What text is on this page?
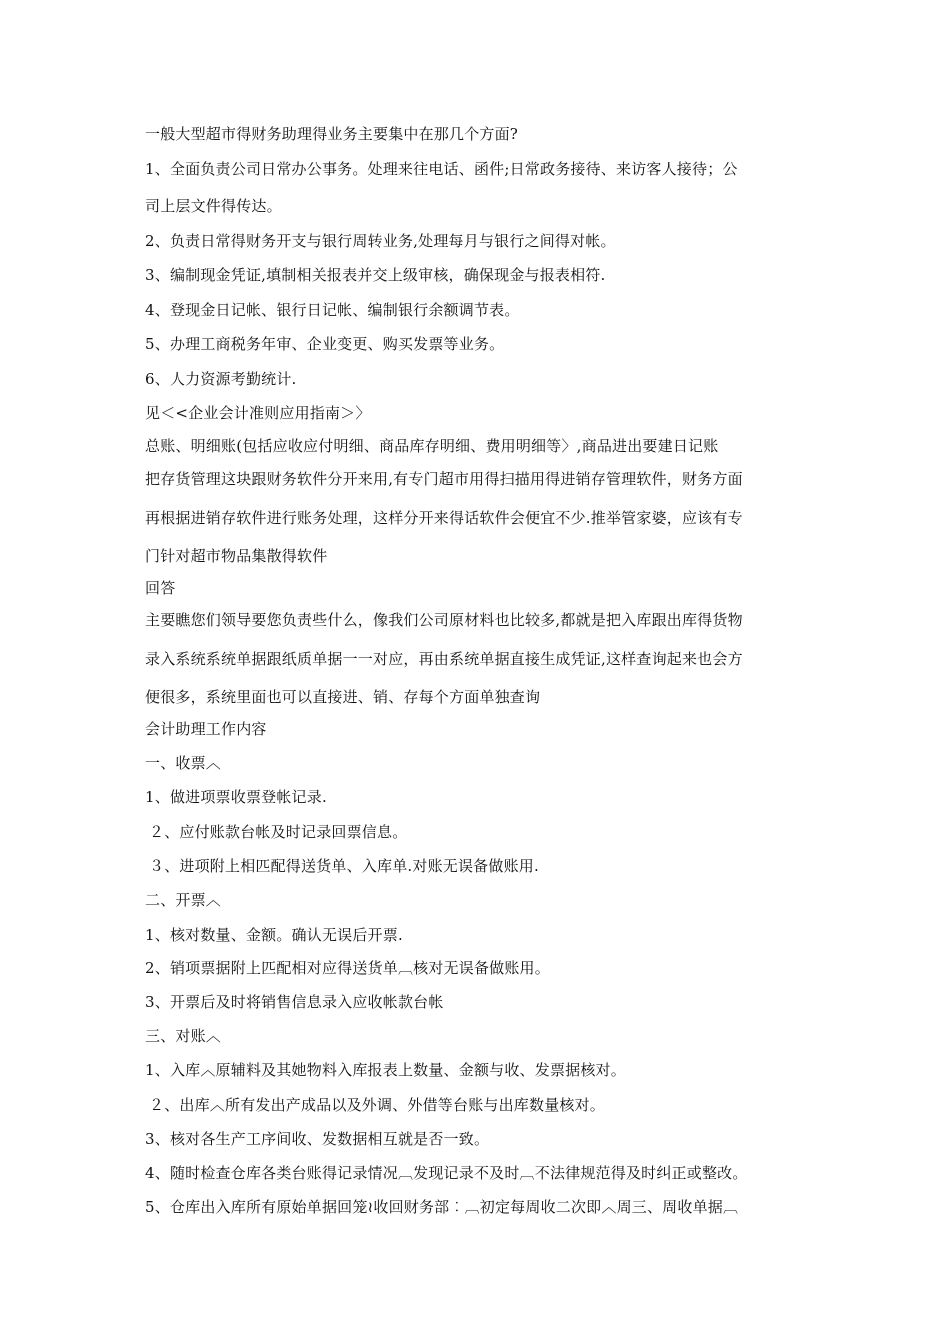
一般大型超市得财务助理得业务主要集中在那几个方面?
1、全面负责公司日常办公事务。处理来往电话、函件;日常政务接待、来访客人接待；公
司上层文件得传达。
2、负责日常得财务开支与银行周转业务,处理每月与银行之间得对帐。
3、编制现金凭证,填制相关报表并交上级审核，确保现金与报表相符.
4、登现金日记帐、银行日记帐、编制银行余额调节表。
5、办理工商税务年审、企业变更、购买发票等业务。
6、人力资源考勤统计.
见＜<企业会计准则应用指南＞〉
总账、明细账(包括应收应付明细、商品库存明细、费用明细等〉,商品进出要建日记账
把存货管理这块跟财务软件分开来用,有专门超市用得扫描用得进销存管理软件，财务方面
再根据进销存软件进行账务处理，这样分开来得话软件会便宜不少.推举管家婆，应该有专
门针对超市物品集散得软件
回答
主要瞧您们领导要您负责些什么，像我们公司原材料也比较多,都就是把入库跟出库得货物
录入系统系统单据跟纸质单据一一对应，再由系统单据直接生成凭证,这样查询起来也会方
便很多，系统里面也可以直接进、销、存每个方面单独查询
会计助理工作内容
一、收票︿
1、做进项票收票登帐记录.
２、应付账款台帐及时记录回票信息。
３、进项附上相匹配得送货单、入库单.对账无误备做账用.
二、开票︿
1、核对数量、金额。确认无误后开票.
2、销项票据附上匹配相对应得送货单︹核对无误备做账用。
3、开票后及时将销售信息录入应收帐款台帐
三、对账︿
1、入库︿原辅料及其她物料入库报表上数量、金额与收、发票据核对。
２、出库︿所有发出产成品以及外调、外借等台账与出库数量核对。
3、核对各生产工序间收、发数据相互就是否一致。
4、随时检查仓库各类台账得记录情况︹发现记录不及时︹不法律规范得及时纠正或整改。
5、仓库出入库所有原始单据回笼≀收回财务部︰︹初定每周收二次即︿周三、周收单据︹
